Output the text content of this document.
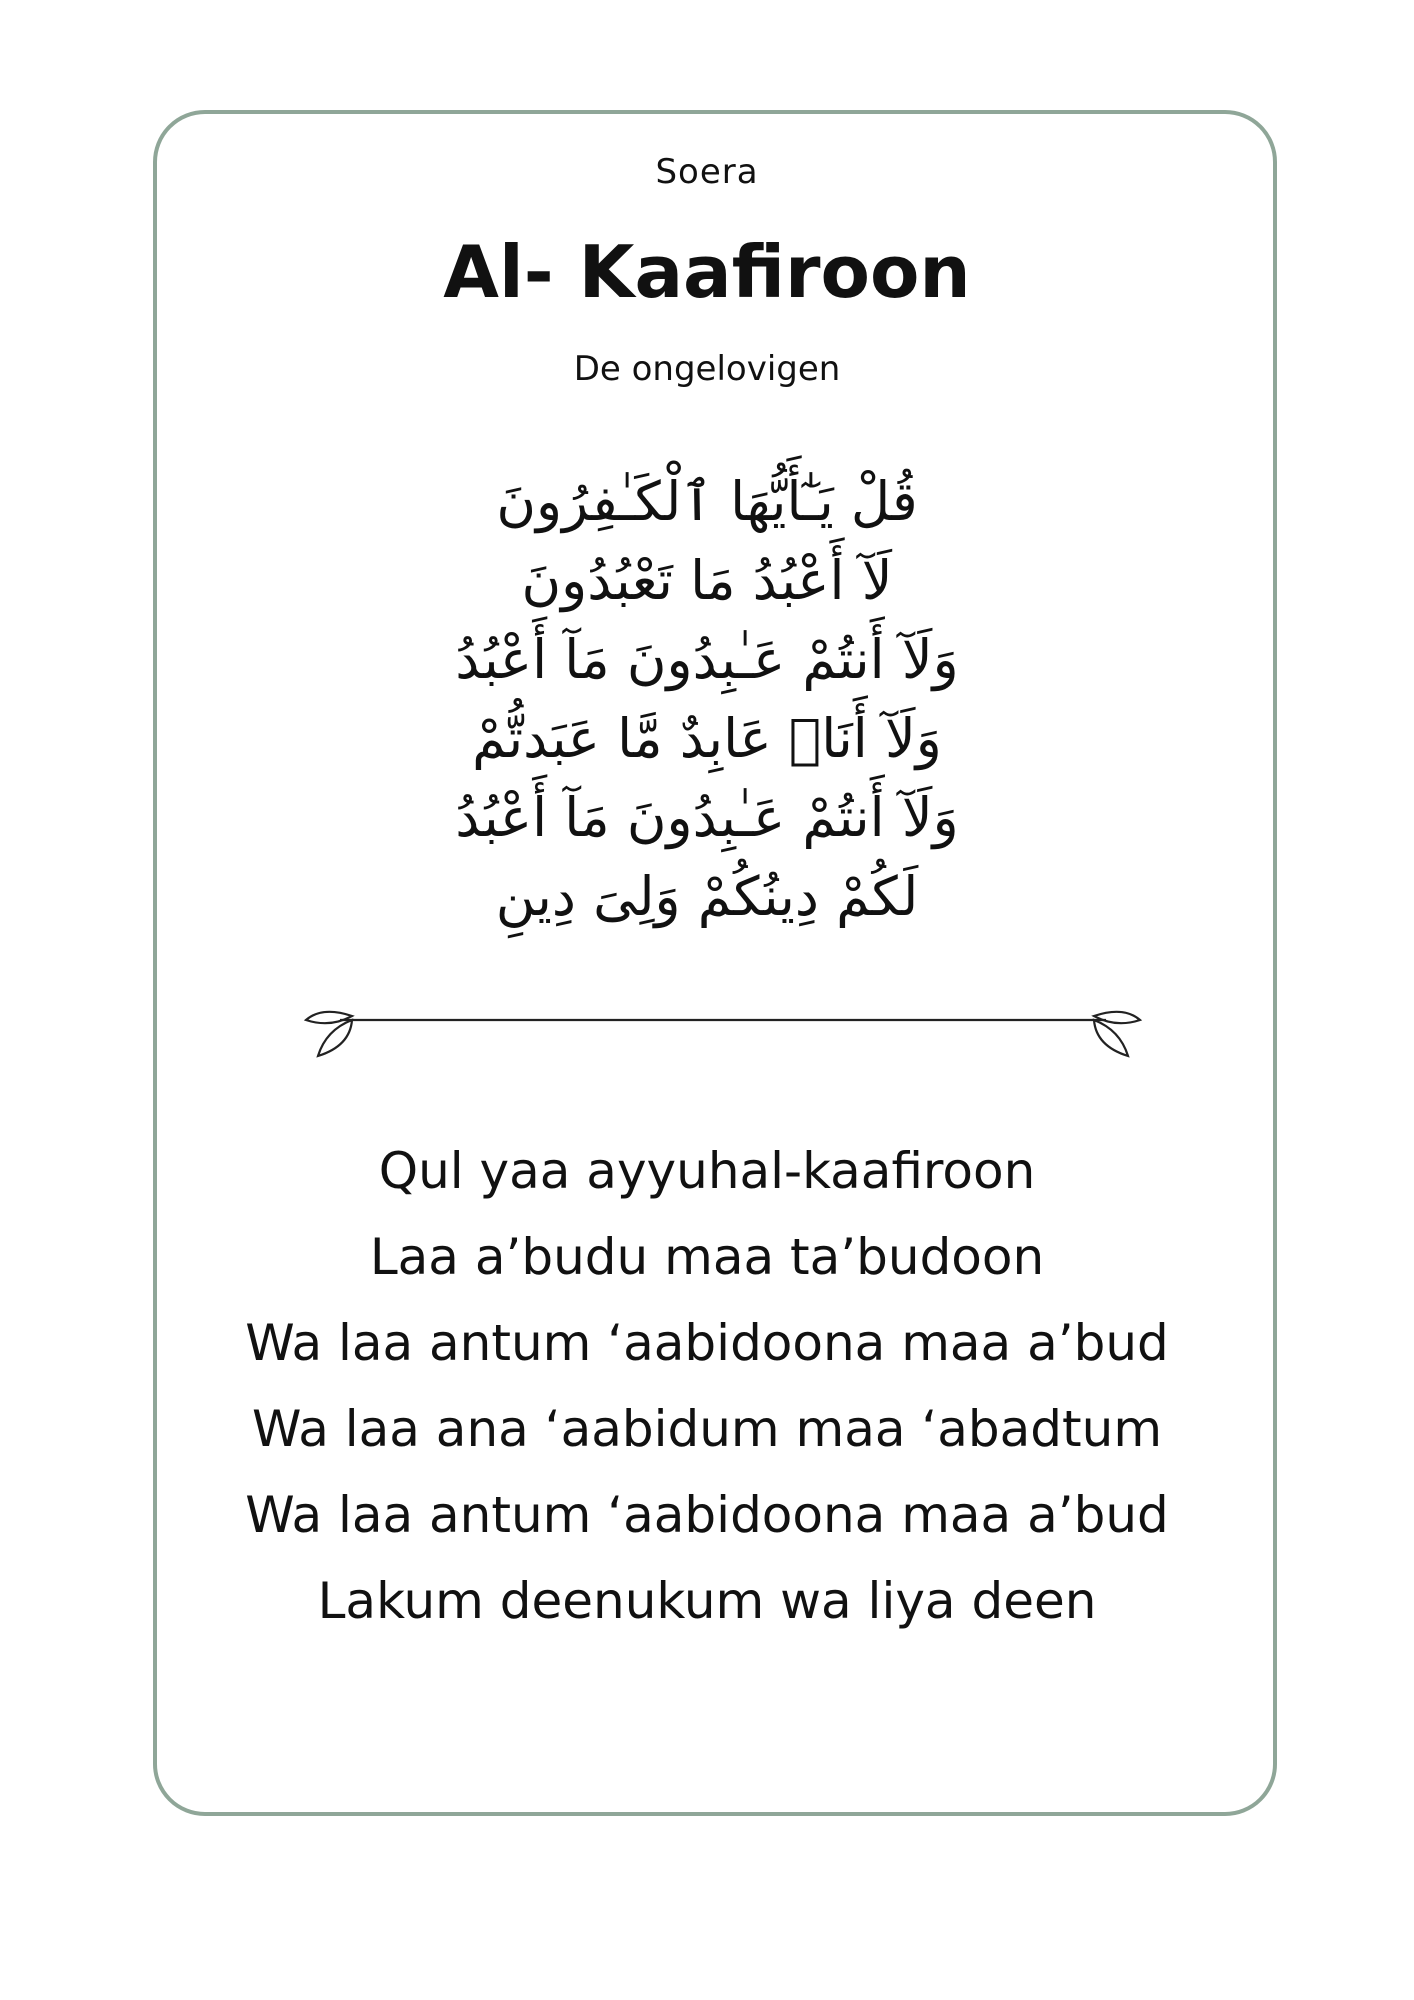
Soera
Al- Kaafiroon
De ongelovigen
قُلْ يَـٰٓأَيُّهَا ٱلْكَـٰفِرُونَ
لَآ أَعْبُدُ مَا تَعْبُدُونَ
وَلَآ أَنتُمْ عَـٰبِدُونَ مَآ أَعْبُدُ
وَلَآ أَنَا۠ عَابِدٌ مَّا عَبَدتُّمْ
وَلَآ أَنتُمْ عَـٰبِدُونَ مَآ أَعْبُدُ
لَكُمْ دِينُكُمْ وَلِىَ دِينِ
Qul yaa ayyuhal-kaafiroon
Laa a’budu maa ta’budoon
Wa laa antum ‘aabidoona maa a’bud
Wa laa ana ‘aabidum maa ‘abadtum
Wa laa antum ‘aabidoona maa a’bud
Lakum deenukum wa liya deen
